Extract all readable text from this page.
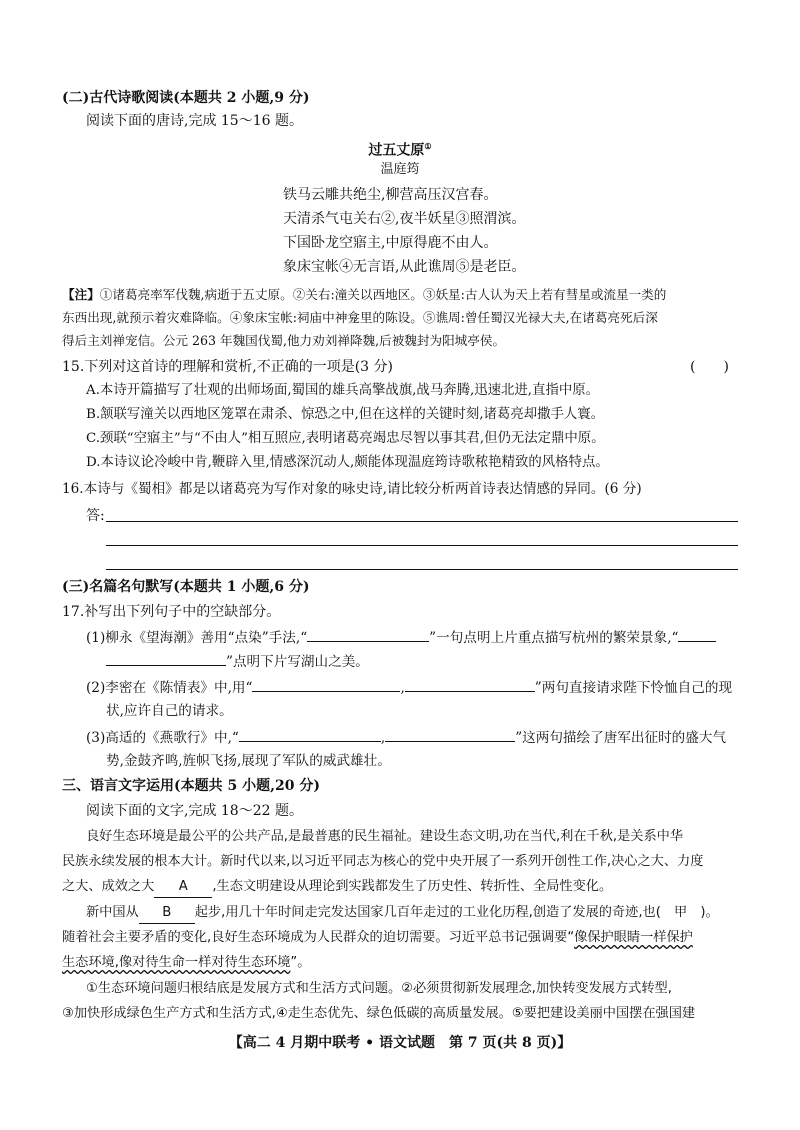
(二)古代诗歌阅读(本题共 2 小题,9 分)
阅读下面的唐诗,完成 15～16 题。
过五丈原①
温庭筠
铁马云雕共绝尘,柳营高压汉宫春。
天清杀气屯关右②,夜半妖星③照渭滨。
下国卧龙空寤主,中原得鹿不由人。
象床宝帐④无言语,从此谯周⑤是老臣。
【注】①诸葛亮率军伐魏,病逝于五丈原。②关右:潼关以西地区。③妖星:古人认为天上若有彗星或流星一类的
东西出现,就预示着灾难降临。④象床宝帐:祠庙中神龛里的陈设。⑤谯周:曾任蜀汉光禄大夫,在诸葛亮死后深
得后主刘禅宠信。公元 263 年魏国伐蜀,他力劝刘禅降魏,后被魏封为阳城亭侯。
15.下列对这首诗的理解和赏析,不正确的一项是(3 分)	(　　)
A.本诗开篇描写了壮观的出师场面,蜀国的雄兵高擎战旗,战马奔腾,迅速北进,直指中原。
B.颔联写潼关以西地区笼罩在肃杀、惊恐之中,但在这样的关键时刻,诸葛亮却撒手人寰。
C.颈联“空寤主”与“不由人”相互照应,表明诸葛亮竭忠尽智以事其君,但仍无法定鼎中原。
D.本诗议论冷峻中肯,鞭辟入里,情感深沉动人,颇能体现温庭筠诗歌秾艳精致的风格特点。
16.本诗与《蜀相》都是以诸葛亮为写作对象的咏史诗,请比较分析两首诗表达情感的异同。(6 分)
答:
(三)名篇名句默写(本题共 1 小题,6 分)
17.补写出下列句子中的空缺部分。
(1)柳永《望海潮》善用“点染”手法,“	”一句点明上片重点描写杭州的繁荣景象,“
”点明下片写湖山之美。
(2)李密在《陈情表》中,用“	,	”两句直接请求陛下怜恤自己的现
状,应许自己的请求。
(3)高适的《燕歌行》中,“	,	”这两句描绘了唐军出征时的盛大气
势,金鼓齐鸣,旌帜飞扬,展现了军队的威武雄壮。
三、语言文字运用(本题共 5 小题,20 分)
阅读下面的文字,完成 18～22 题。
良好生态环境是最公平的公共产品,是最普惠的民生福祉。建设生态文明,功在当代,利在千秋,是关系中华
民族永续发展的根本大计。新时代以来,以习近平同志为核心的党中央开展了一系列开创性工作,决心之大、力度
之大、成效之大 A ,生态文明建设从理论到实践都发生了历史性、转折性、全局性变化。
新中国从 B 起步,用几十年时间走完发达国家几百年走过的工业化历程,创造了发展的奇迹,也(　甲　)。
随着社会主要矛盾的变化,良好生态环境成为人民群众的迫切需要。习近平总书记强调要“像保护眼睛一样保护
生态环境,像对待生命一样对待生态环境”。
①生态环境问题归根结底是发展方式和生活方式问题。②必须贯彻新发展理念,加快转变发展方式转型,
③加快形成绿色生产方式和生活方式,④走生态优先、绿色低碳的高质量发展。⑤要把建设美丽中国摆在强国建
【高二 4 月期中联考 • 语文试题　第 7 页(共 8 页)】
